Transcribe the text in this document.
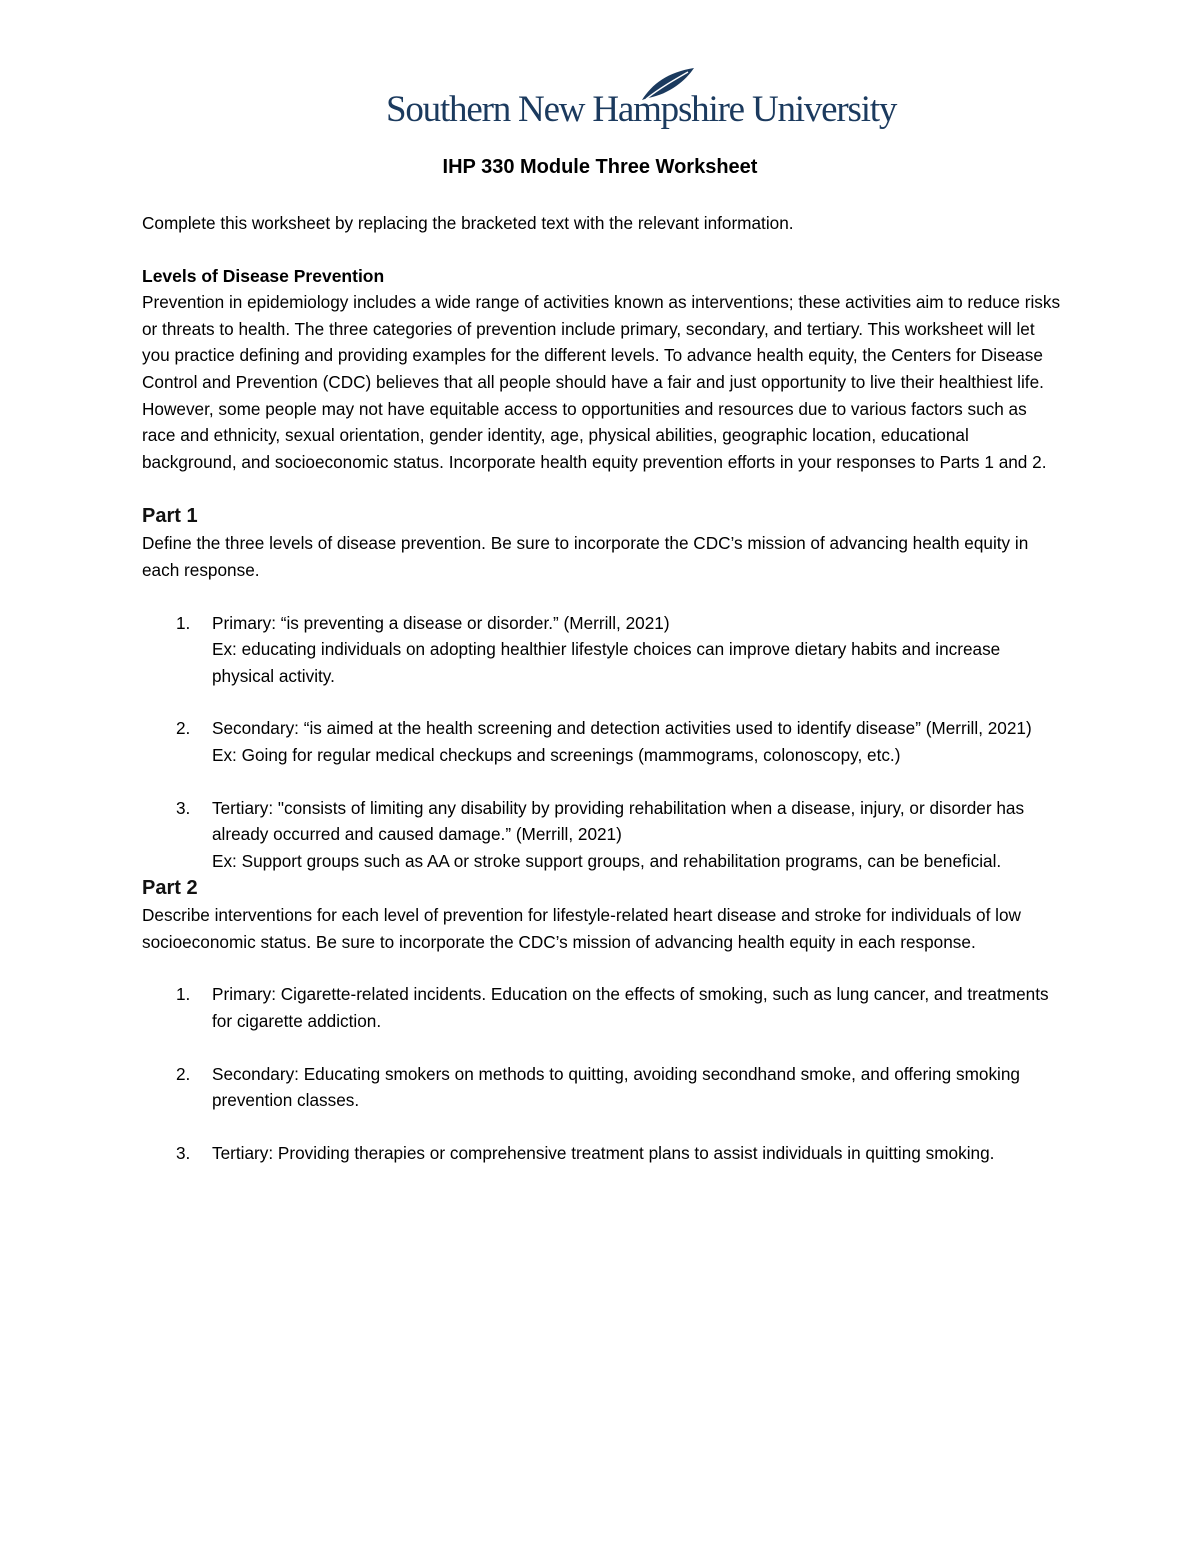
Southern New Hampshire University
IHP 330 Module Three Worksheet

Complete this worksheet by replacing the bracketed text with the relevant information.

Levels of Disease Prevention

Prevention in epidemiology includes a wide range of activities known as interventions; these activities aim to reduce risks or threats to health. The three categories of prevention include primary, secondary, and tertiary. This worksheet will let you practice defining and providing examples for the different levels. To advance health equity, the Centers for Disease Control and Prevention (CDC) believes that all people should have a fair and just opportunity to live their healthiest life. However, some people may not have equitable access to opportunities and resources due to various factors such as race and ethnicity, sexual orientation, gender identity, age, physical abilities, geographic location, educational background, and socioeconomic status. Incorporate health equity prevention efforts in your responses to Parts 1 and 2.

Part 1

Define the three levels of disease prevention. Be sure to incorporate the CDC’s mission of advancing health equity in each response.

1. Primary: “is preventing a disease or disorder.” (Merrill, 2021)
Ex: educating individuals on adopting healthier lifestyle choices can improve dietary habits and increase physical activity.
2. Secondary: “is aimed at the health screening and detection activities used to identify disease” (Merrill, 2021)
Ex: Going for regular medical checkups and screenings (mammograms, colonoscopy, etc.)
3. Tertiary: "consists of limiting any disability by providing rehabilitation when a disease, injury, or disorder has already occurred and caused damage.” (Merrill, 2021)
Ex: Support groups such as AA or stroke support groups, and rehabilitation programs, can be beneficial.

Part 2

Describe interventions for each level of prevention for lifestyle-related heart disease and stroke for individuals of low socioeconomic status. Be sure to incorporate the CDC’s mission of advancing health equity in each response.

1. Primary: Cigarette-related incidents. Education on the effects of smoking, such as lung cancer, and treatments for cigarette addiction.
2. Secondary: Educating smokers on methods to quitting, avoiding secondhand smoke, and offering smoking prevention classes.
3. Tertiary: Providing therapies or comprehensive treatment plans to assist individuals in quitting smoking.
